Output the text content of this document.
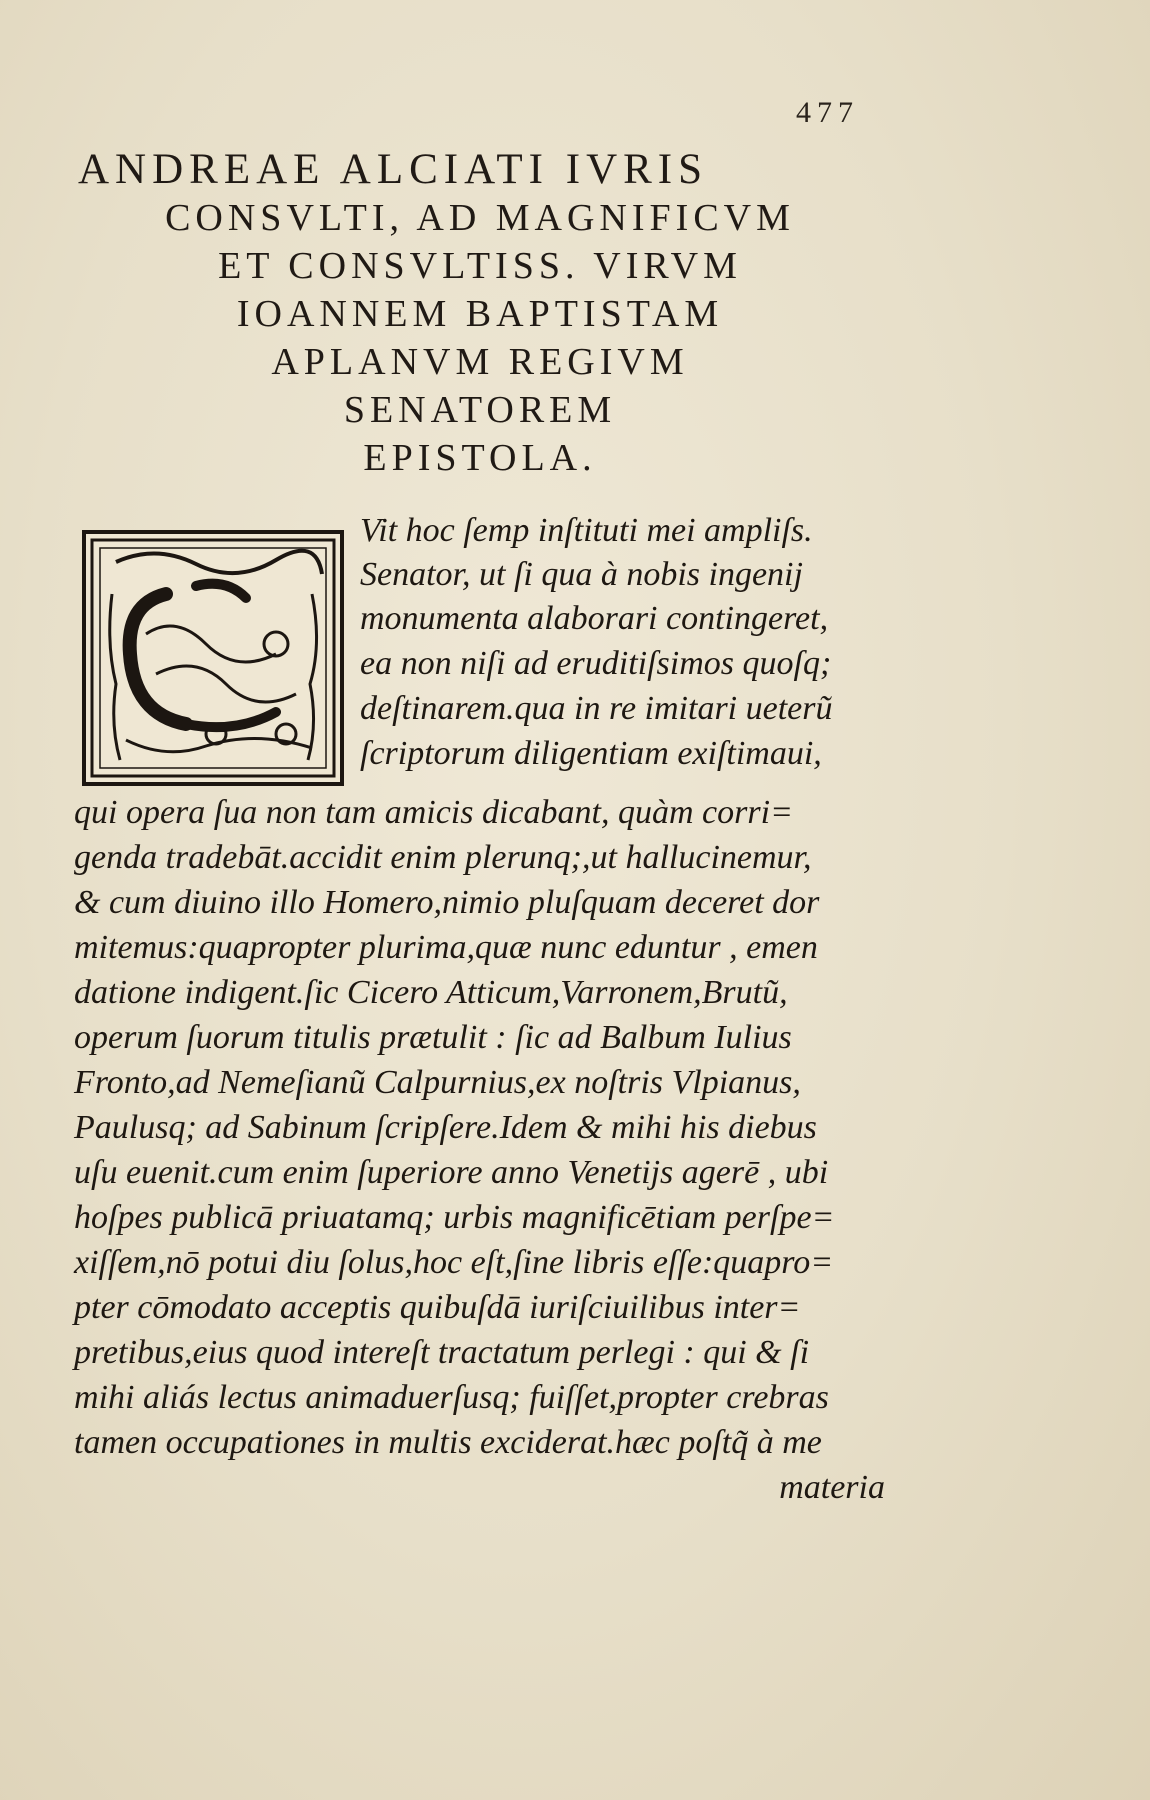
477
ANDREAE ALCIATI IVRIS
CONSVLTI, AD MAGNIFICVM
ET CONSVLTISS. VIRVM
IOANNEM BAPTISTAM
APLANVM REGIVM
SENATOREM
EPISTOLA.
Vit hoc ſemp inſtituti mei ampliſs.
Senator, ut ſi qua à nobis ingenij
monumenta alaborari contingeret,
ea non niſi ad eruditiſsimos quoſq;
deſtinarem.qua in re imitari ueterũ
ſcriptorum diligentiam exiſtimaui,
qui opera ſua non tam amicis dicabant, quàm corri=
genda tradebāt.accidit enim plerunq;,ut hallucinemur,
& cum diuino illo Homero,nimio pluſquam deceret dor
mitemus:quapropter plurima,quæ nunc eduntur , emen
datione indigent.ſic Cicero Atticum,Varronem,Brutũ,
operum ſuorum titulis prætulit : ſic ad Balbum Iulius
Fronto,ad Nemeſianũ Calpurnius,ex noſtris Vlpianus,
Paulusq; ad Sabinum ſcripſere.Idem & mihi his diebus
uſu euenit.cum enim ſuperiore anno Venetijs agerē , ubi
hoſpes publicā priuatamq; urbis magnificētiam perſpe=
xiſſem,nō potui diu ſolus,hoc eſt,ſine libris eſſe:quapro=
pter cōmodato acceptis quibuſdā iuriſciuilibus inter=
pretibus,eius quod intereſt tractatum perlegi : qui & ſi
mihi aliás lectus animaduerſusq; fuiſſet,propter crebras
tamen occupationes in multis exciderat.hæc poſtq̃ à me
materia
